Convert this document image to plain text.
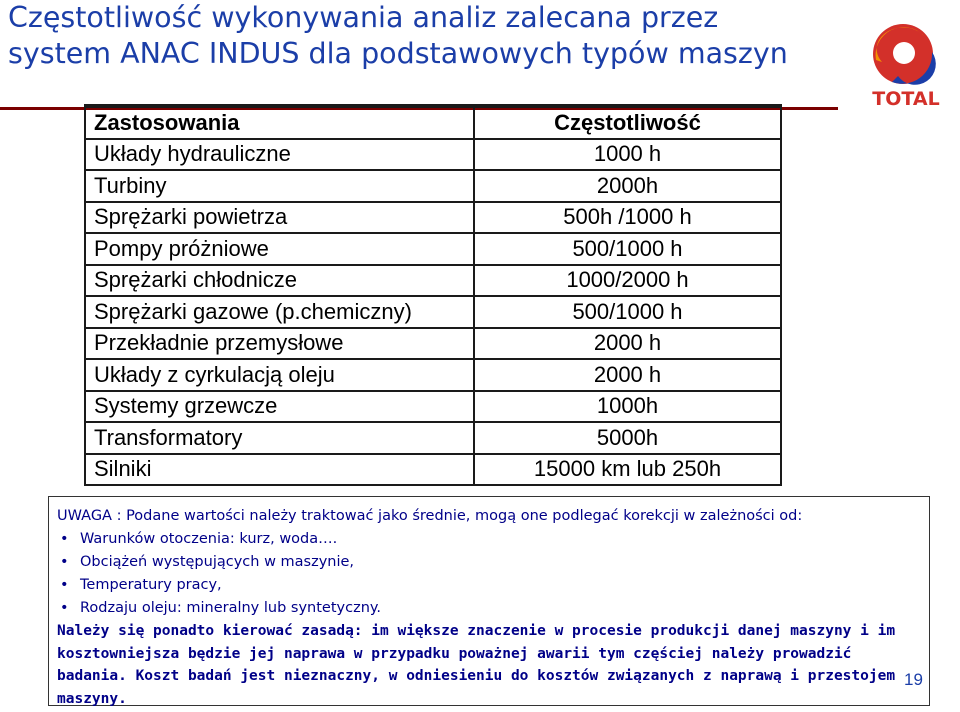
Częstotliwość wykonywania analiz zalecana przez system ANAC INDUS dla podstawowych typów maszyn
TOTAL
Zastosowania	Częstotliwość
Układy hydrauliczne	1000 h
Turbiny	2000h
Sprężarki powietrza	500h /1000 h
Pompy próżniowe	500/1000 h
Sprężarki chłodnicze	1000/2000 h
Sprężarki gazowe (p.chemiczny)	500/1000 h
Przekładnie przemysłowe	2000 h
Układy z cyrkulacją oleju	2000 h
Systemy grzewcze	1000h
Transformatory	5000h
Silniki	15000 km lub 250h
UWAGA : Podane wartości należy traktować jako średnie, mogą one podlegać korekcji w zależności od:
• Warunków otoczenia: kurz, woda….
• Obciążeń występujących w maszynie,
• Temperatury pracy,
• Rodzaju oleju: mineralny lub syntetyczny.
Należy się ponadto kierować zasadą: im większe znaczenie w procesie produkcji danej maszyny i im kosztowniejsza będzie jej naprawa w przypadku poważnej awarii tym częściej należy prowadzić badania. Koszt badań jest nieznaczny, w odniesieniu do kosztów związanych z naprawą i przestojem maszyny.
19
